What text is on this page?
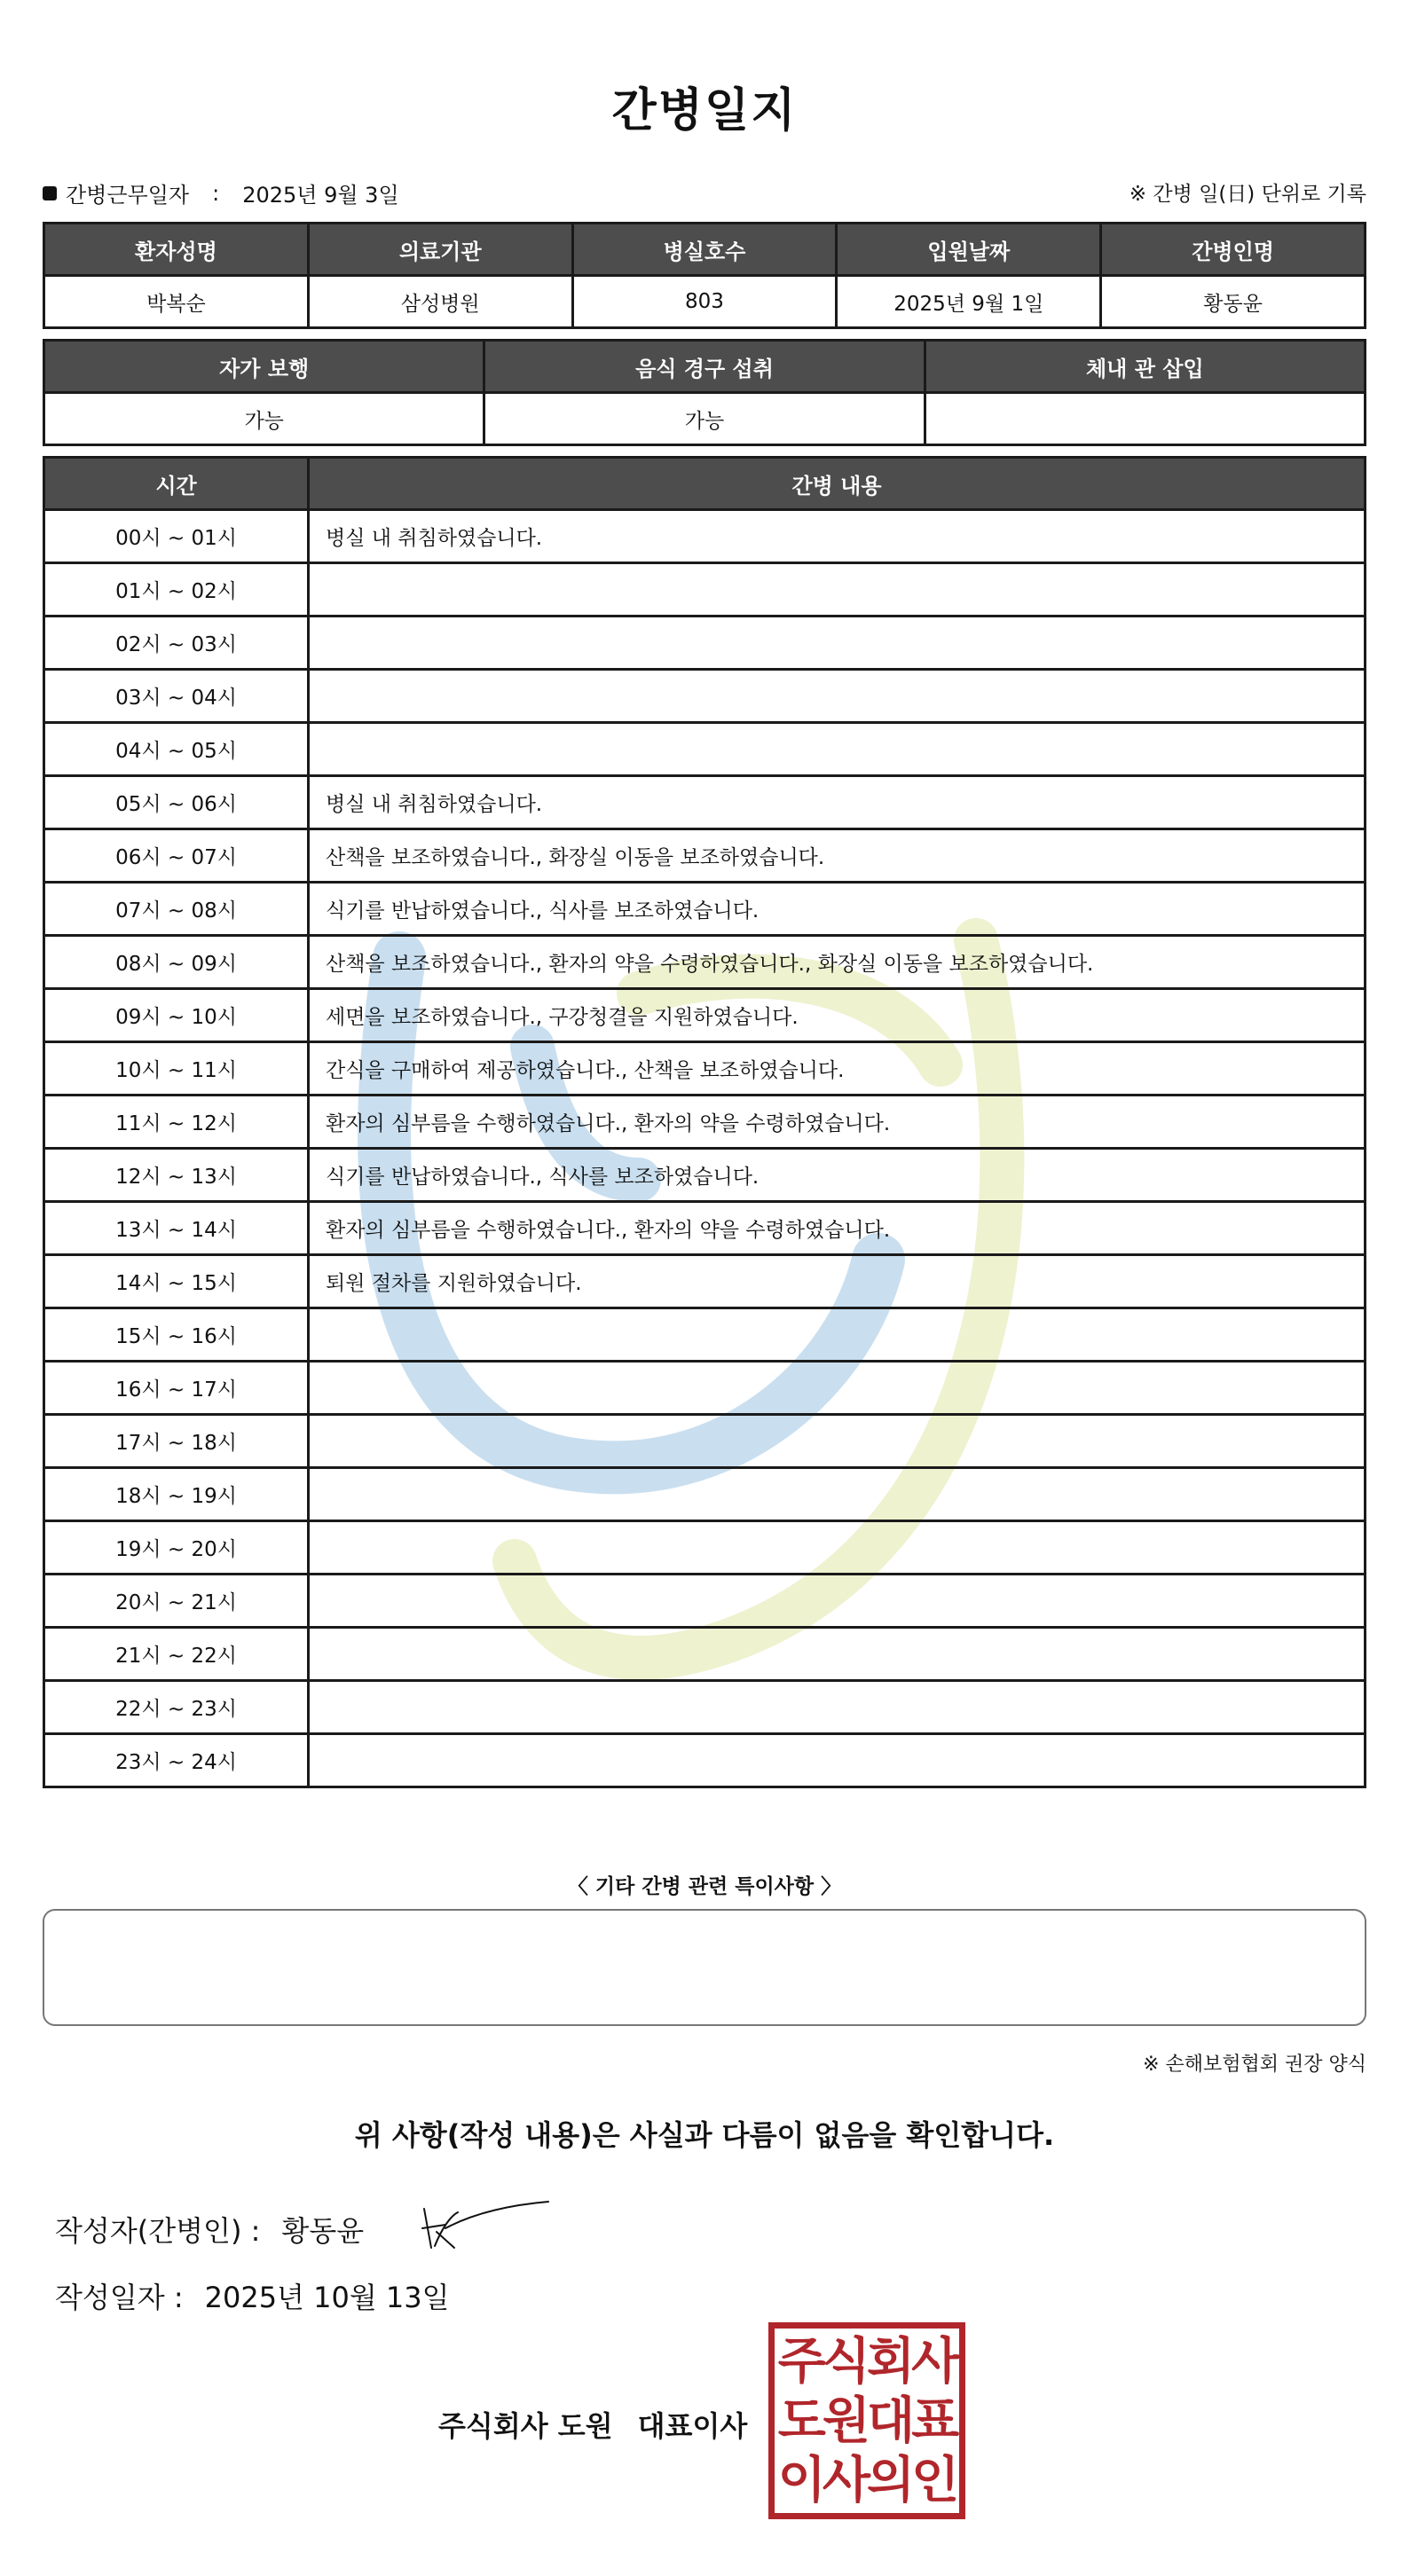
간병일지
간병근무일자 : 2025년 9월 3일	※ 간병 일(日) 단위로 기록
환자성명	의료기관	병실호수	입원날짜	간병인명
박복순	삼성병원	803	2025년 9월 1일	황동윤
자가 보행	음식 경구 섭취	체내 관 삽입
가능	가능	
시간	간병 내용
00시 ~ 01시	병실 내 취침하였습니다.
01시 ~ 02시	
02시 ~ 03시	
03시 ~ 04시	
04시 ~ 05시	
05시 ~ 06시	병실 내 취침하였습니다.
06시 ~ 07시	산책을 보조하였습니다., 화장실 이동을 보조하였습니다.
07시 ~ 08시	식기를 반납하였습니다., 식사를 보조하였습니다.
08시 ~ 09시	산책을 보조하였습니다., 환자의 약을 수령하였습니다., 화장실 이동을 보조하였습니다.
09시 ~ 10시	세면을 보조하였습니다., 구강청결을 지원하였습니다.
10시 ~ 11시	간식을 구매하여 제공하였습니다., 산책을 보조하였습니다.
11시 ~ 12시	환자의 심부름을 수행하였습니다., 환자의 약을 수령하였습니다.
12시 ~ 13시	식기를 반납하였습니다., 식사를 보조하였습니다.
13시 ~ 14시	환자의 심부름을 수행하였습니다., 환자의 약을 수령하였습니다.
14시 ~ 15시	퇴원 절차를 지원하였습니다.
15시 ~ 16시	
16시 ~ 17시	
17시 ~ 18시	
18시 ~ 19시	
19시 ~ 20시	
20시 ~ 21시	
21시 ~ 22시	
22시 ~ 23시	
23시 ~ 24시	
〈 기타 간병 관련 특이사항 〉
※ 손해보험협회 권장 양식
위 사항(작성 내용)은 사실과 다름이 없음을 확인합니다.
작성자(간병인) : 황동윤
작성일자 : 2025년 10월 13일
주식회사 도원 대표이사
주식회사
도원대표
이사의인
